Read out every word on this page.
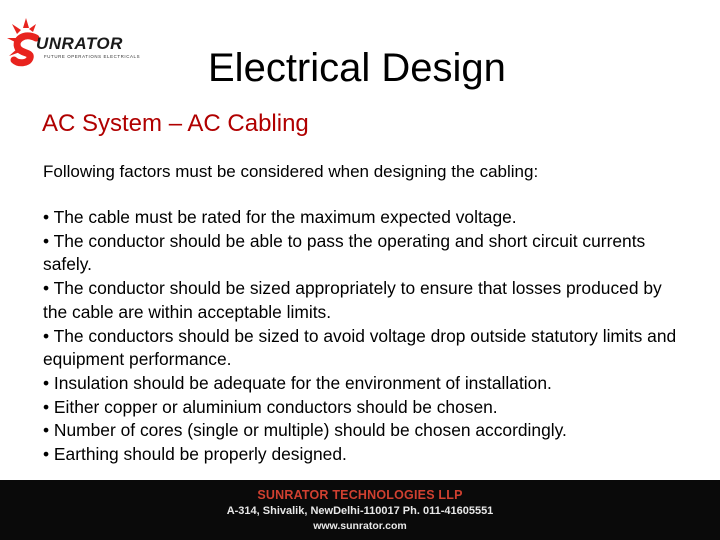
UNRATOR
FUTURE OPERATIONS ELECTRICALS Electrical Design
AC System – AC Cabling

Following factors must be considered when designing the cabling:

• The cable must be rated for the maximum expected voltage.
• The conductor should be able to pass the operating and short circuit currents safely.
• The conductor should be sized appropriately to ensure that losses produced by the cable are within acceptable limits.
• The conductors should be sized to avoid voltage drop outside statutory limits and equipment performance.
• Insulation should be adequate for the environment of installation.
• Either copper or aluminium conductors should be chosen.
• Number of cores (single or multiple) should be chosen accordingly.
• Earthing should be properly designed.
SUNRATOR TECHNOLOGIES LLP
A-314, Shivalik, NewDelhi-110017 Ph. 011-41605551
www.sunrator.com
